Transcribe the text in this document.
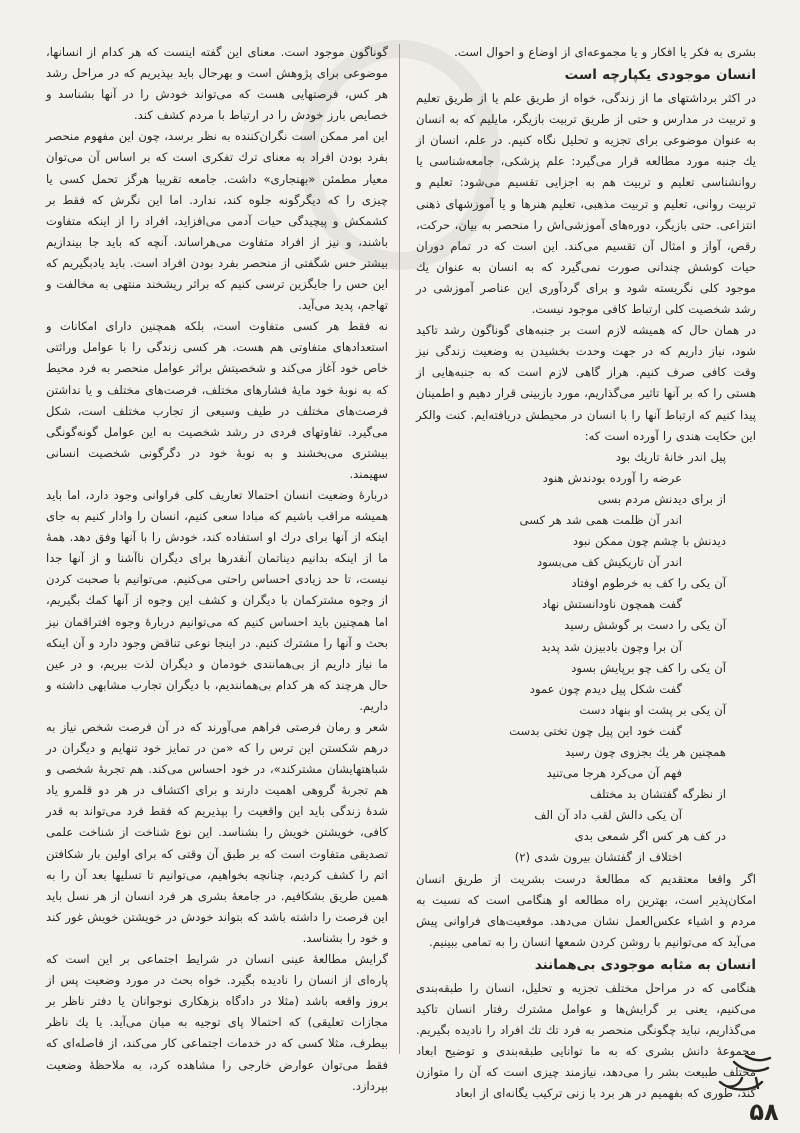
بشری به فکر یا افکار و یا مجموعه‌ای از اوضاع و احوال است.

انسان موجودی یکپارچه است

در اکثر برداشتهای ما از زندگی، خواه از طریق علم یا از طریق تعلیم و تربیت در مدارس و حتی از طریق تربیت بازیگر، مایلیم که به انسان به عنوان موضوعی برای تجزیه و تحلیل نگاه کنیم. در علم، انسان از یك جنبه مورد مطالعه قرار می‌گیرد: علم پزشکی، جامعه‌شناسی یا روانشناسی تعلیم و تربیت هم به اجزایی تقسیم می‌شود: تعلیم و تربیت روانی، تعلیم و تربیت مذهبی، تعلیم هنرها و یا آموزشهای ذهنی انتزاعی. حتی بازیگر، دوره‌های آموزشی‌اش را منحصر به بیان، حرکت، رقص، آواز و امثال آن تقسیم می‌کند. این است که در تمام دوران حیات کوشش چندانی صورت نمی‌گیرد که به انسان به عنوان یك موجود کلی نگریسته شود و برای گردآوری این عناصر آموزشی در رشد شخصیت کلی ارتباط کافی موجود نیست.

در همان حال که همیشه لازم است بر جنبه‌های گوناگون رشد تاکید شود، نیاز داریم که در جهت وحدت بخشیدن به وضعیت زندگی نیز وقت کافی صرف کنیم. هراز گاهی لازم است که به جنبه‌هایی از هستی را که بر آنها تاثیر می‌گذاریم، مورد بازبینی قرار دهیم و اطمینان پیدا کنیم که ارتباط آنها را با انسان در محیطش دریافته‌ایم. کنت والکر این حکایت هندی را آورده است که:

پیل اندر خانهٔ تاریك بود

عرضه را آورده بودندش هنود

از برای دیدنش مردم بسی

اندر آن ظلمت همی شد هر کسی

دیدنش با چشم چون ممکن نبود

اندر آن تاریکیش کف می‌بسود

آن یکی را کف به خرطوم اوفتاد

گفت همچون ناودانستش نهاد

آن یکی را دست بر گوشش رسید

آن برا وچون بادبیزن شد پدید

آن یکی را کف چو برپایش بسود

گفت شکل پیل دیدم چون عمود

آن یکی بر پشت او بنهاد دست

گفت خود این پیل چون تختی بدست

همچنین هر یك بجزوی چون رسید

فهم آن می‌کرد هرجا می‌تنید

از نظرگه گفتشان بد مختلف

آن یکی دالش لقب داد آن الف

در کف هر کس اگر شمعی بدی

اختلاف از گفتشان بیرون شدی (۲)

اگر واقعا معتقدیم که مطالعهٔ درست بشریت از طریق انسان امکان‌پذیر است، بهترین راه مطالعه او هنگامی است که نسبت به مردم و اشیاء عکس‌العمل نشان می‌دهد. موقعیت‌های فراوانی پیش می‌آید که می‌توانیم با روشن کردن شمعها انسان را به تمامی ببینیم.

انسان به مثابه موجودی بی‌همانند

هنگامی که در مراحل مختلف تجزیه و تحلیل، انسان را طبقه‌بندی می‌کنیم، یعنی بر گرایش‌ها و عوامل مشترك رفتار انسان تاکید می‌گذاریم، نباید چگونگی منحصر به فرد تك تك افراد را نادیده بگیریم. مجموعهٔ دانش بشری که به ما توانایی طبقه‌بندی و توضیح ابعاد مختلف طبیعت بشر را می‌دهد، نیازمند چیزی است که آن را متوازن کند، طوری که بفهمیم در هر برد با زنی ترکیب یگانه‌ای از ابعاد

گوناگون موجود است. معنای این گفته اینست که هر کدام از انسانها، موضوعی برای پژوهش است و بهرحال باید بپذیریم که در مراحل رشد هر کس، فرصتهایی هست که می‌تواند خودش را در آنها بشناسد و خصایص بارز خودش را در ارتباط با مردم کشف کند.

این امر ممکن است نگران‌کننده به نظر برسد، چون این مفهوم منحصر بفرد بودن افراد به معنای ترك تفکری است که بر اساس آن می‌توان معیار مطمئن «بهنجاری» داشت. جامعه تقریبا هرگز تحمل کسی یا چیزی را که دیگرگونه جلوه کند، ندارد. اما این نگرش که فقط بر کشمکش و پیچیدگی حیات آدمی می‌افزاید، افراد را از اینکه متفاوت باشند، و نیز از افراد متفاوت می‌هراساند. آنچه که باید جا بیندازیم بیشتر حس شگفتی از منحصر بفرد بودن افراد است. باید یادبگیریم که این حس را جایگزین ترسی کنیم که براثر ریشخند منتهی به مخالفت و تهاجم، پدید می‌آید.

نه فقط هر کسی متفاوت است، بلکه همچنین دارای امکانات و استعدادهای متفاوتی هم هست. هر کسی زندگی را با عوامل وراثتی خاص خود آغاز می‌کند و شخصیتش براثر عوامل منحصر به فرد محیط که به نوبهٔ خود مایهٔ فشارهای مختلف، فرصت‌های مختلف و یا نداشتن فرصت‌های مختلف در طیف وسیعی از تجارب مختلف است، شکل می‌گیرد. تفاوتهای فردی در رشد شخصیت به این عوامل گونه‌گونگی بیشتری می‌بخشند و به نوبهٔ خود در دگرگونی شخصیت انسانی سهیمند.

دربارهٔ وضعیت انسان احتمالا تعاریف کلی فراوانی وجود دارد، اما باید همیشه مراقب باشیم که مبادا سعی کنیم، انسان را وادار کنیم به جای اینکه از آنها برای درك او استفاده کند، خودش را با آنها وفق دهد. همهٔ ما از اینکه بدانیم دیناتمان آنقدرها برای دیگران ناآشنا و از آنها جدا نیست، تا حد زیادی احساس راحتی می‌کنیم. می‌توانیم با صحبت کردن از وجوه مشترکمان با دیگران و کشف این وجوه از آنها کمك بگیریم، اما همچنین باید احساس کنیم که می‌توانیم دربارهٔ وجوه افتراقمان نیز بحث و آنها را مشترك کنیم. در اینجا نوعی تناقض وجود دارد و آن اینکه ما نیاز داریم از بی‌همانندی خودمان و دیگران لذت ببریم، و در عین حال هرچند که هر کدام بی‌همانندیم، با دیگران تجارب مشابهی داشته و داریم.

شعر و رمان فرصتی فراهم می‌آورند که در آن فرصت شخص نیاز به درهم شکستن این ترس را که «من در تمایز خود تنهایم و دیگران در شباهتهایشان مشترکند»، در خود احساس می‌کند. هم تجربهٔ شخصی و هم تجربهٔ گروهی اهمیت دارند و برای اکتشاف در هر دو قلمرو یاد شدهٔ زندگی باید این واقعیت را بپذیریم که فقط فرد می‌تواند به قدر کافی، خویشتن خویش را بشناسد. این نوع شناخت از شناخت علمی تصدیقی متفاوت است که بر طبق آن وقتی که برای اولین بار شکافتن اتم را کشف کردیم، چنانچه بخواهیم، می‌توانیم تا تسلیها بعد آن را به همین طریق بشکافیم. در جامعهٔ بشری هر فرد انسان از هر نسل باید این فرصت را داشته باشد که بتواند خودش در خویشتن خویش غور کند و خود را بشناسد.

گرایش مطالعهٔ عینی انسان در شرایط اجتماعی بر این است که پاره‌ای از انسان را نادیده بگیرد. خواه بحث در مورد وضعیت پس از بروز واقعه باشد (مثلا در دادگاه بزهکاری نوجوانان یا دفتر ناظر بر مجازات تعلیقی) که احتمالا پای توجیه به میان می‌آید. یا یك ناظر بیطرف، مثلا کسی که در خدمات اجتماعی کار می‌کند، از فاصله‌ای که فقط می‌توان عوارض خارجی را مشاهده کرد، به ملاحظهٔ وضعیت بپردازد.

۵۸
